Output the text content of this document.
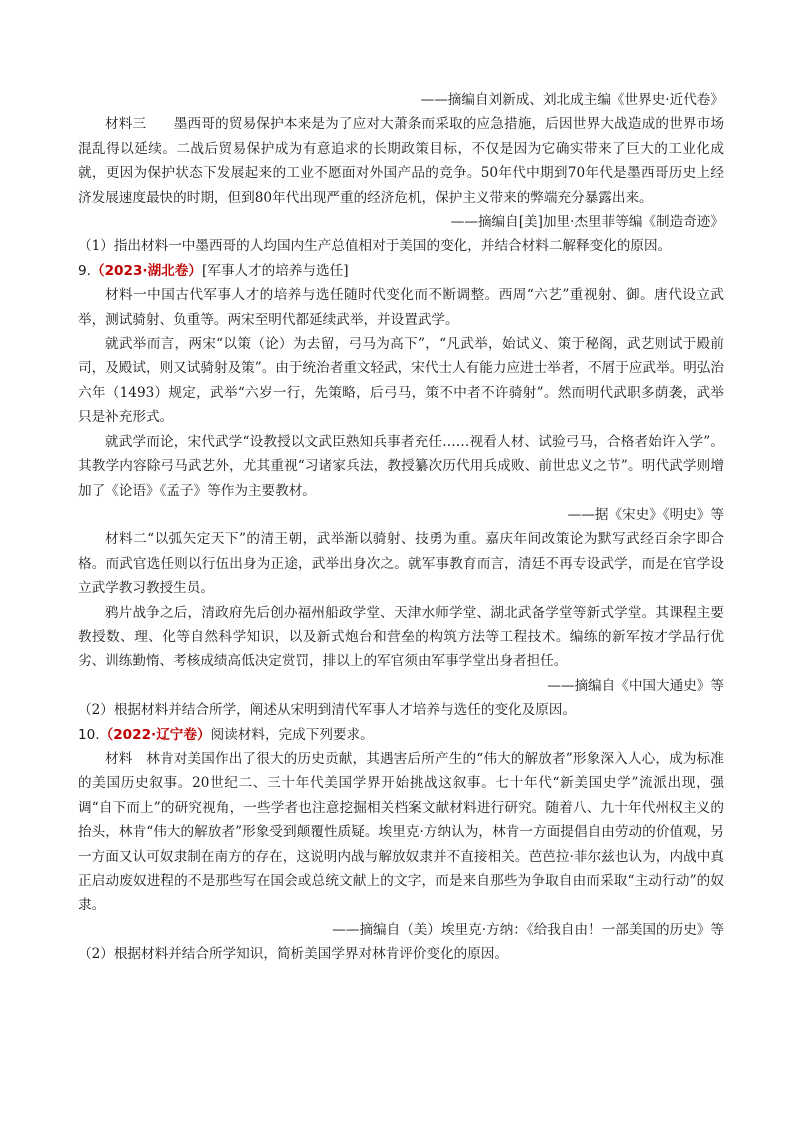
——摘编自刘新成、刘北成主编《世界史·近代卷》

材料三　　墨西哥的贸易保护本来是为了应对大萧条而采取的应急措施，后因世界大战造成的世界市场混乱得以延续。二战后贸易保护成为有意追求的长期政策目标，不仅是因为它确实带来了巨大的工业化成就，更因为保护状态下发展起来的工业不愿面对外国产品的竞争。50年代中期到70年代是墨西哥历史上经济发展速度最快的时期，但到80年代出现严重的经济危机，保护主义带来的弊端充分暴露出来。

——摘编自[美]加里·杰里菲等编《制造奇迹》

（1）指出材料一中墨西哥的人均国内生产总值相对于美国的变化，并结合材料二解释变化的原因。

9.（2023·湖北卷）[军事人才的培养与选任]

材料一中国古代军事人才的培养与选任随时代变化而不断调整。西周“六艺”重视射、御。唐代设立武举，测试骑射、负重等。两宋至明代都延续武举，并设置武学。

就武举而言，两宋“以策（论）为去留，弓马为高下”，“凡武举，始试义、策于秘阁，武艺则试于殿前司，及殿试，则又试骑射及策”。由于统治者重文轻武，宋代士人有能力应进士举者，不屑于应武举。明弘治六年（1493）规定，武举“六岁一行，先策略，后弓马，策不中者不许骑射”。然而明代武职多荫袭，武举只是补充形式。

就武学而论，宋代武学“设教授以文武臣熟知兵事者充任……视看人材、试验弓马，合格者始许入学”。其教学内容除弓马武艺外，尤其重视“习诸家兵法，教授纂次历代用兵成败、前世忠义之节”。明代武学则增加了《论语》《孟子》等作为主要教材。

——据《宋史》《明史》等

材料二“以弧矢定天下”的清王朝，武举渐以骑射、技勇为重。嘉庆年间改策论为默写武经百余字即合格。而武官选任则以行伍出身为正途，武举出身次之。就军事教育而言，清廷不再专设武学，而是在官学设立武学教习教授生员。

鸦片战争之后，清政府先后创办福州船政学堂、天津水师学堂、湖北武备学堂等新式学堂。其课程主要教授数、理、化等自然科学知识，以及新式炮台和营垒的构筑方法等工程技术。编练的新军按才学品行优劣、训练勤惰、考核成绩高低决定赏罚，排以上的军官须由军事学堂出身者担任。

——摘编自《中国大通史》等

（2）根据材料并结合所学，阐述从宋明到清代军事人才培养与选任的变化及原因。

10.（2022·辽宁卷）阅读材料，完成下列要求。

材料　林肯对美国作出了很大的历史贡献，其遇害后所产生的“伟大的解放者”形象深入人心，成为标准的美国历史叙事。20世纪二、三十年代美国学界开始挑战这叙事。七十年代“新美国史学”流派出现，强调“自下而上”的研究视角，一些学者也注意挖掘相关档案文献材料进行研究。随着八、九十年代州权主义的抬头，林肯“伟大的解放者”形象受到颠覆性质疑。埃里克·方纳认为，林肯一方面提倡自由劳动的价值观，另一方面又认可奴隶制在南方的存在，这说明内战与解放奴隶并不直接相关。芭芭拉·菲尔兹也认为，内战中真正启动废奴进程的不是那些写在国会或总统文献上的文字，而是来自那些为争取自由而采取“主动行动”的奴隶。

——摘编自（美）埃里克·方纳：《给我自由！一部美国的历史》等

（2）根据材料并结合所学知识，简析美国学界对林肯评价变化的原因。
